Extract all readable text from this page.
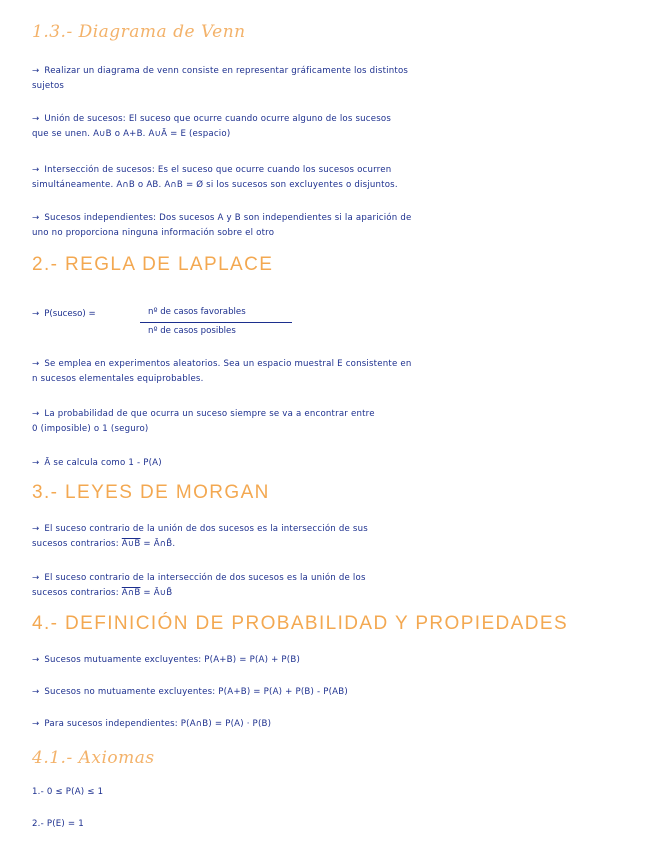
1.3.- Diagrama de Venn
→ Realizar un diagrama de venn consiste en representar gráficamente los distintos
sujetos
→ Unión de sucesos: El suceso que ocurre cuando ocurre alguno de los sucesos
que se unen. A∪B o A+B. A∪Ā = E (espacio)
→ Intersección de sucesos: Es el suceso que ocurre cuando los sucesos ocurren
simultáneamente. A∩B o AB. A∩B = Ø si los sucesos son excluyentes o disjuntos.
→ Sucesos independientes: Dos sucesos A y B son independientes si la aparición de
uno no proporciona ninguna información sobre el otro
2.- REGLA DE LAPLACE
→ P(suceso) =	nº de casos favorables
nº de casos posibles
→ Se emplea en experimentos aleatorios. Sea un espacio muestral E consistente en
n sucesos elementales equiprobables.
→ La probabilidad de que ocurra un suceso siempre se va a encontrar entre
0 (imposible) o 1 (seguro)
→ Ā se calcula como 1 - P(A)
3.- LEYES DE MORGAN
→ El suceso contrario de la unión de dos sucesos es la intersección de sus
sucesos contrarios: A∪B = Ā∩B̄.
→ El suceso contrario de la intersección de dos sucesos es la unión de los
sucesos contrarios: A∩B = Ā∪B̄
4.- DEFINICIÓN DE PROBABILIDAD Y PROPIEDADES
→ Sucesos mutuamente excluyentes: P(A+B) = P(A) + P(B)
→ Sucesos no mutuamente excluyentes: P(A+B) = P(A) + P(B) - P(AB)
→ Para sucesos independientes: P(A∩B) = P(A) · P(B)
4.1.- Axiomas
1.- 0 ≤ P(A) ≤ 1
2.- P(E) = 1
